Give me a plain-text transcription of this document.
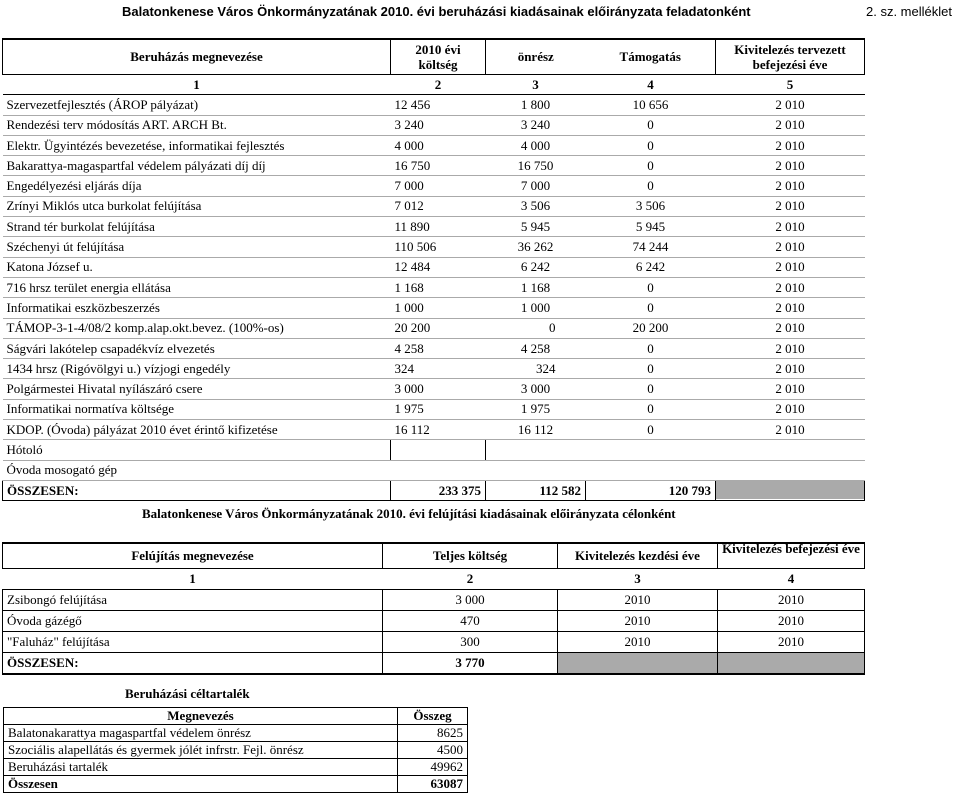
Balatonkenese Város Önkormányzatának 2010. évi beruházási kiadásainak előirányzata feladatonként	2. sz. melléklet
Beruházás megnevezése	2010 évi költség	önrész	Támogatás	Kivitelezés tervezett befejezési éve
1	2	3	4	5
Szervezetfejlesztés (ÁROP pályázat)	12 456	1 800	10 656	2 010
Rendezési terv módosítás ART. ARCH Bt.	3 240	3 240	0	2 010
Elektr. Ügyintézés bevezetése, informatikai fejlesztés	4 000	4 000	0	2 010
Bakarattya-magaspartfal védelem pályázati díj díj	16 750	16 750	0	2 010
Engedélyezési eljárás díja	7 000	7 000	0	2 010
Zrínyi Miklós utca burkolat felújítása	7 012	3 506	3 506	2 010
Strand tér burkolat felújítása	11 890	5 945	5 945	2 010
Széchenyi út felújítása	110 506	36 262	74 244	2 010
Katona József u.	12 484	6 242	6 242	2 010
716 hrsz terület energia ellátása	1 168	1 168	0	2 010
Informatikai eszközbeszerzés	1 000	1 000	0	2 010
TÁMOP-3-1-4/08/2 komp.alap.okt.bevez. (100%-os)	20 200	0	20 200	2 010
Ságvári lakótelep csapadékvíz elvezetés	4 258	4 258	0	2 010
1434 hrsz (Rigóvölgyi u.) vízjogi engedély	324	324	0	2 010
Polgármestei Hivatal nyílászáró csere	3 000	3 000	0	2 010
Informatikai normatíva költsége	1 975	1 975	0	2 010
KDOP. (Óvoda) pályázat 2010 évet érintő kifizetése	16 112	16 112	0	2 010
Hótoló				
Óvoda mosogató gép				
ÖSSZESEN:	233 375	112 582	120 793	
Balatonkenese Város Önkormányzatának 2010. évi felújítási kiadásainak előirányzata célonként
Felújítás megnevezése	Teljes költség	Kivitelezés kezdési éve	Kivitelezés befejezési éve
1	2	3	4
Zsibongó felújítása	3 000	2010	2010
Óvoda gázégő	470	2010	2010
"Faluház" felújítása	300	2010	2010
ÖSSZESEN:	3 770		
Beruházási céltartalék
Megnevezés	Összeg
Balatonakarattya magaspartfal védelem önrész	8625
Szociális alapellátás és gyermek jólét infrstr. Fejl. önrész	4500
Beruházási tartalék	49962
Összesen	63087
